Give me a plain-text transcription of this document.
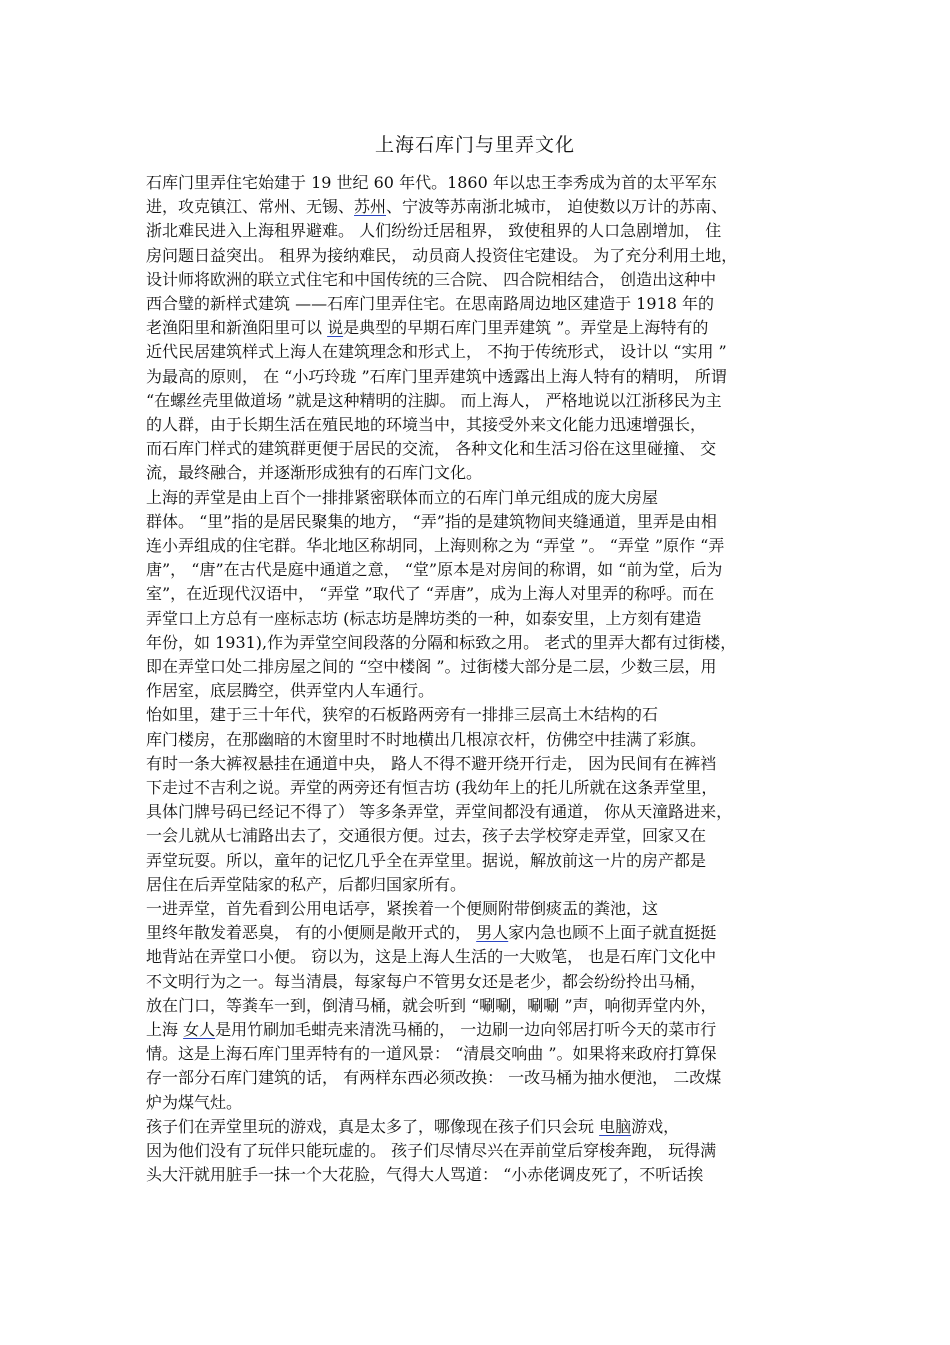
上海石库门与里弄文化
石库门里弄住宅始建于 19 世纪 60 年代。1860 年以忠王李秀成为首的太平军东
进，攻克镇江、常州、无锡、苏州、宁波等苏南浙北城市， 迫使数以万计的苏南、
浙北难民进入上海租界避难。 人们纷纷迁居租界， 致使租界的人口急剧增加， 住
房问题日益突出。 租界为接纳难民， 动员商人投资住宅建设。 为了充分利用土地，
设计师将欧洲的联立式住宅和中国传统的三合院、 四合院相结合， 创造出这种中
西合璧的新样式建筑 ——石库门里弄住宅。在思南路周边地区建造于 1918 年的
老渔阳里和新渔阳里可以 说是典型的早期石库门里弄建筑 ”。弄堂是上海特有的
近代民居建筑样式上海人在建筑理念和形式上， 不拘于传统形式， 设计以 “实用 ”
为最高的原则， 在 “小巧玲珑 ”石库门里弄建筑中透露出上海人特有的精明， 所谓
“在螺丝壳里做道场 ”就是这种精明的注脚。 而上海人， 严格地说以江浙移民为主
的人群，由于长期生活在殖民地的环境当中，其接受外来文化能力迅速增强长，
而石库门样式的建筑群更便于居民的交流， 各种文化和生活习俗在这里碰撞、 交
流，最终融合，并逐渐形成独有的石库门文化。
上海的弄堂是由上百个一排排紧密联体而立的石库门单元组成的庞大房屋
群体。 “里”指的是居民聚集的地方， “弄”指的是建筑物间夹缝通道，里弄是由相
连小弄组成的住宅群。华北地区称胡同，上海则称之为 “弄堂 ”。 “弄堂 ”原作 “弄
唐”， “唐”在古代是庭中通道之意， “堂”原本是对房间的称谓，如 “前为堂，后为
室”，在近现代汉语中， “弄堂 ”取代了 “弄唐”，成为上海人对里弄的称呼。而在
弄堂口上方总有一座标志坊 (标志坊是牌坊类的一种，如泰安里，上方刻有建造
年份，如 1931),作为弄堂空间段落的分隔和标致之用。 老式的里弄大都有过街楼，
即在弄堂口处二排房屋之间的 “空中楼阁 ”。过街楼大部分是二层，少数三层，用
作居室，底层腾空，供弄堂内人车通行。
怡如里，建于三十年代，狭窄的石板路两旁有一排排三层高土木结构的石
库门楼房，在那幽暗的木窗里时不时地横出几根凉衣杆，仿佛空中挂满了彩旗。
有时一条大裤衩悬挂在通道中央， 路人不得不避开绕开行走， 因为民间有在裤裆
下走过不吉利之说。弄堂的两旁还有恒吉坊 (我幼年上的托儿所就在这条弄堂里，
具体门牌号码已经记不得了） 等多条弄堂，弄堂间都没有通道， 你从天潼路进来，
一会儿就从七浦路出去了，交通很方便。过去，孩子去学校穿走弄堂，回家又在
弄堂玩耍。所以，童年的记忆几乎全在弄堂里。据说，解放前这一片的房产都是
居住在后弄堂陆家的私产，后都归国家所有。
一进弄堂，首先看到公用电话亭，紧挨着一个便厕附带倒痰盂的粪池，这
里终年散发着恶臭， 有的小便厕是敞开式的， 男人家内急也顾不上面子就直挺挺
地背站在弄堂口小便。 窃以为，这是上海人生活的一大败笔， 也是石库门文化中
不文明行为之一。每当清晨，每家每户不管男女还是老少，都会纷纷拎出马桶，
放在门口，等粪车一到，倒清马桶，就会听到 “唰唰，唰唰 ”声，响彻弄堂内外，
上海 女人是用竹刷加毛蚶壳来清洗马桶的， 一边刷一边向邻居打听今天的菜市行
情。这是上海石库门里弄特有的一道风景： “清晨交响曲 ”。如果将来政府打算保
存一部分石库门建筑的话， 有两样东西必须改换： 一改马桶为抽水便池， 二改煤
炉为煤气灶。
孩子们在弄堂里玩的游戏，真是太多了，哪像现在孩子们只会玩 电脑游戏，
因为他们没有了玩伴只能玩虚的。 孩子们尽情尽兴在弄前堂后穿梭奔跑， 玩得满
头大汗就用脏手一抹一个大花脸，气得大人骂道： “小赤佬调皮死了，不听话挨
